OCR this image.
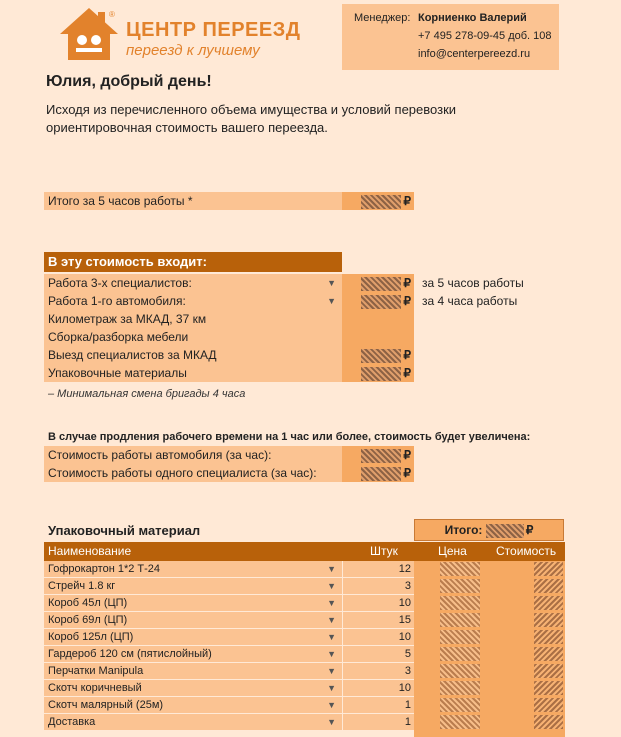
®
ЦЕНТР ПЕРЕЕЗД
переезд к лучшему
Менеджер: Корниенко Валерий
+7 495 278-09-45 доб. 108
info@centerpereezd.ru
Юлия, добрый день!
Исходя из перечисленного объема имущества и условий перевозки ориентировочная стоимость вашего переезда.
Итого за 5 часов работы *	₽
В эту стоимость входит:
Работа 3-х специалистов:	▼	₽ за 5 часов работы
Работа 1-го автомобиля:	▼	₽ за 4 часа работы
Километраж за МКАД, 37 км
Сборка/разборка мебели
Выезд специалистов за МКАД	₽
Упаковочные материалы	₽
– Минимальная смена бригады 4 часа
В случае продления рабочего времени на 1 час или более, стоимость будет увеличена:
Стоимость работы автомобиля (за час):	₽
Стоимость работы одного специалиста (за час):	₽
Упаковочный материал	Итого:	₽
Наименование	Штук	Цена Стоимость
Гофрокартон 1*2 Т-24	▼	12
Стрейч 1.8 кг	▼	3
Короб 45л (ЦП)	▼	10
Короб 69л (ЦП)	▼	15
Короб 125л (ЦП)	▼	10
Гардероб 120 см (пятислойный)	▼	5
Перчатки Manipula	▼	3
Скотч коричневый	▼	10
Скотч малярный (25м)	▼	1
Доставка	▼	1
